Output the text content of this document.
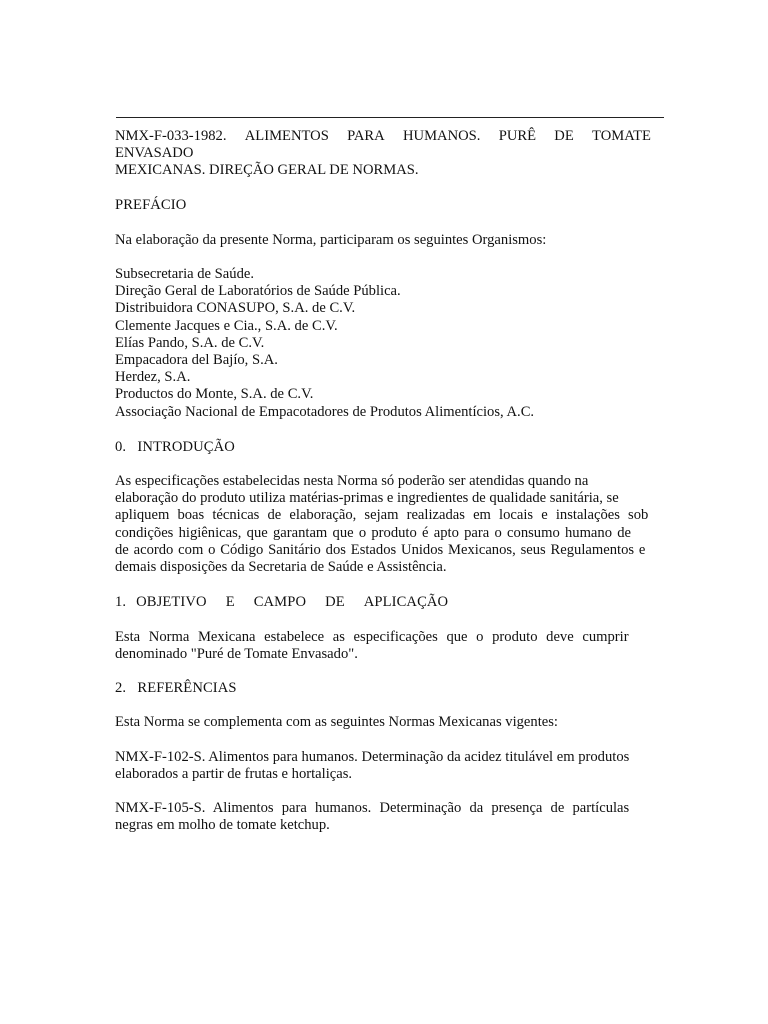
NMX-F-033-1982. ALIMENTOS PARA HUMANOS. PURÊ DE TOMATE
ENVASADO
MEXICANAS. DIREÇÃO GERAL DE NORMAS.
PREFÁCIO
Na elaboração da presente Norma, participaram os seguintes Organismos:
Subsecretaria de Saúde.
Direção Geral de Laboratórios de Saúde Pública.
Distribuidora CONASUPO, S.A. de C.V.
Clemente Jacques e Cia., S.A. de C.V.
Elías Pando, S.A. de C.V.
Empacadora del Bajío, S.A.
Herdez, S.A.
Productos do Monte, S.A. de C.V.
Associação Nacional de Empacotadores de Produtos Alimentícios, A.C.
0.   INTRODUÇÃO
As especificações estabelecidas nesta Norma só poderão ser atendidas quando na
elaboração do produto utiliza matérias-primas e ingredientes de qualidade sanitária, se
apliquem boas técnicas de elaboração, sejam realizadas em locais e instalações sob
condições higiênicas, que garantam que o produto é apto para o consumo humano de
de acordo com o Código Sanitário dos Estados Unidos Mexicanos, seus Regulamentos e
demais disposições da Secretaria de Saúde e Assistência.
1. OBJETIVO E CAMPO DE APLICAÇÃO
Esta Norma Mexicana estabelece as especificações que o produto deve cumprir
denominado "Puré de Tomate Envasado".
2.   REFERÊNCIAS
Esta Norma se complementa com as seguintes Normas Mexicanas vigentes:
NMX-F-102-S. Alimentos para humanos. Determinação da acidez titulável em produtos
elaborados a partir de frutas e hortaliças.
NMX-F-105-S. Alimentos para humanos. Determinação da presença de partículas
negras em molho de tomate ketchup.
